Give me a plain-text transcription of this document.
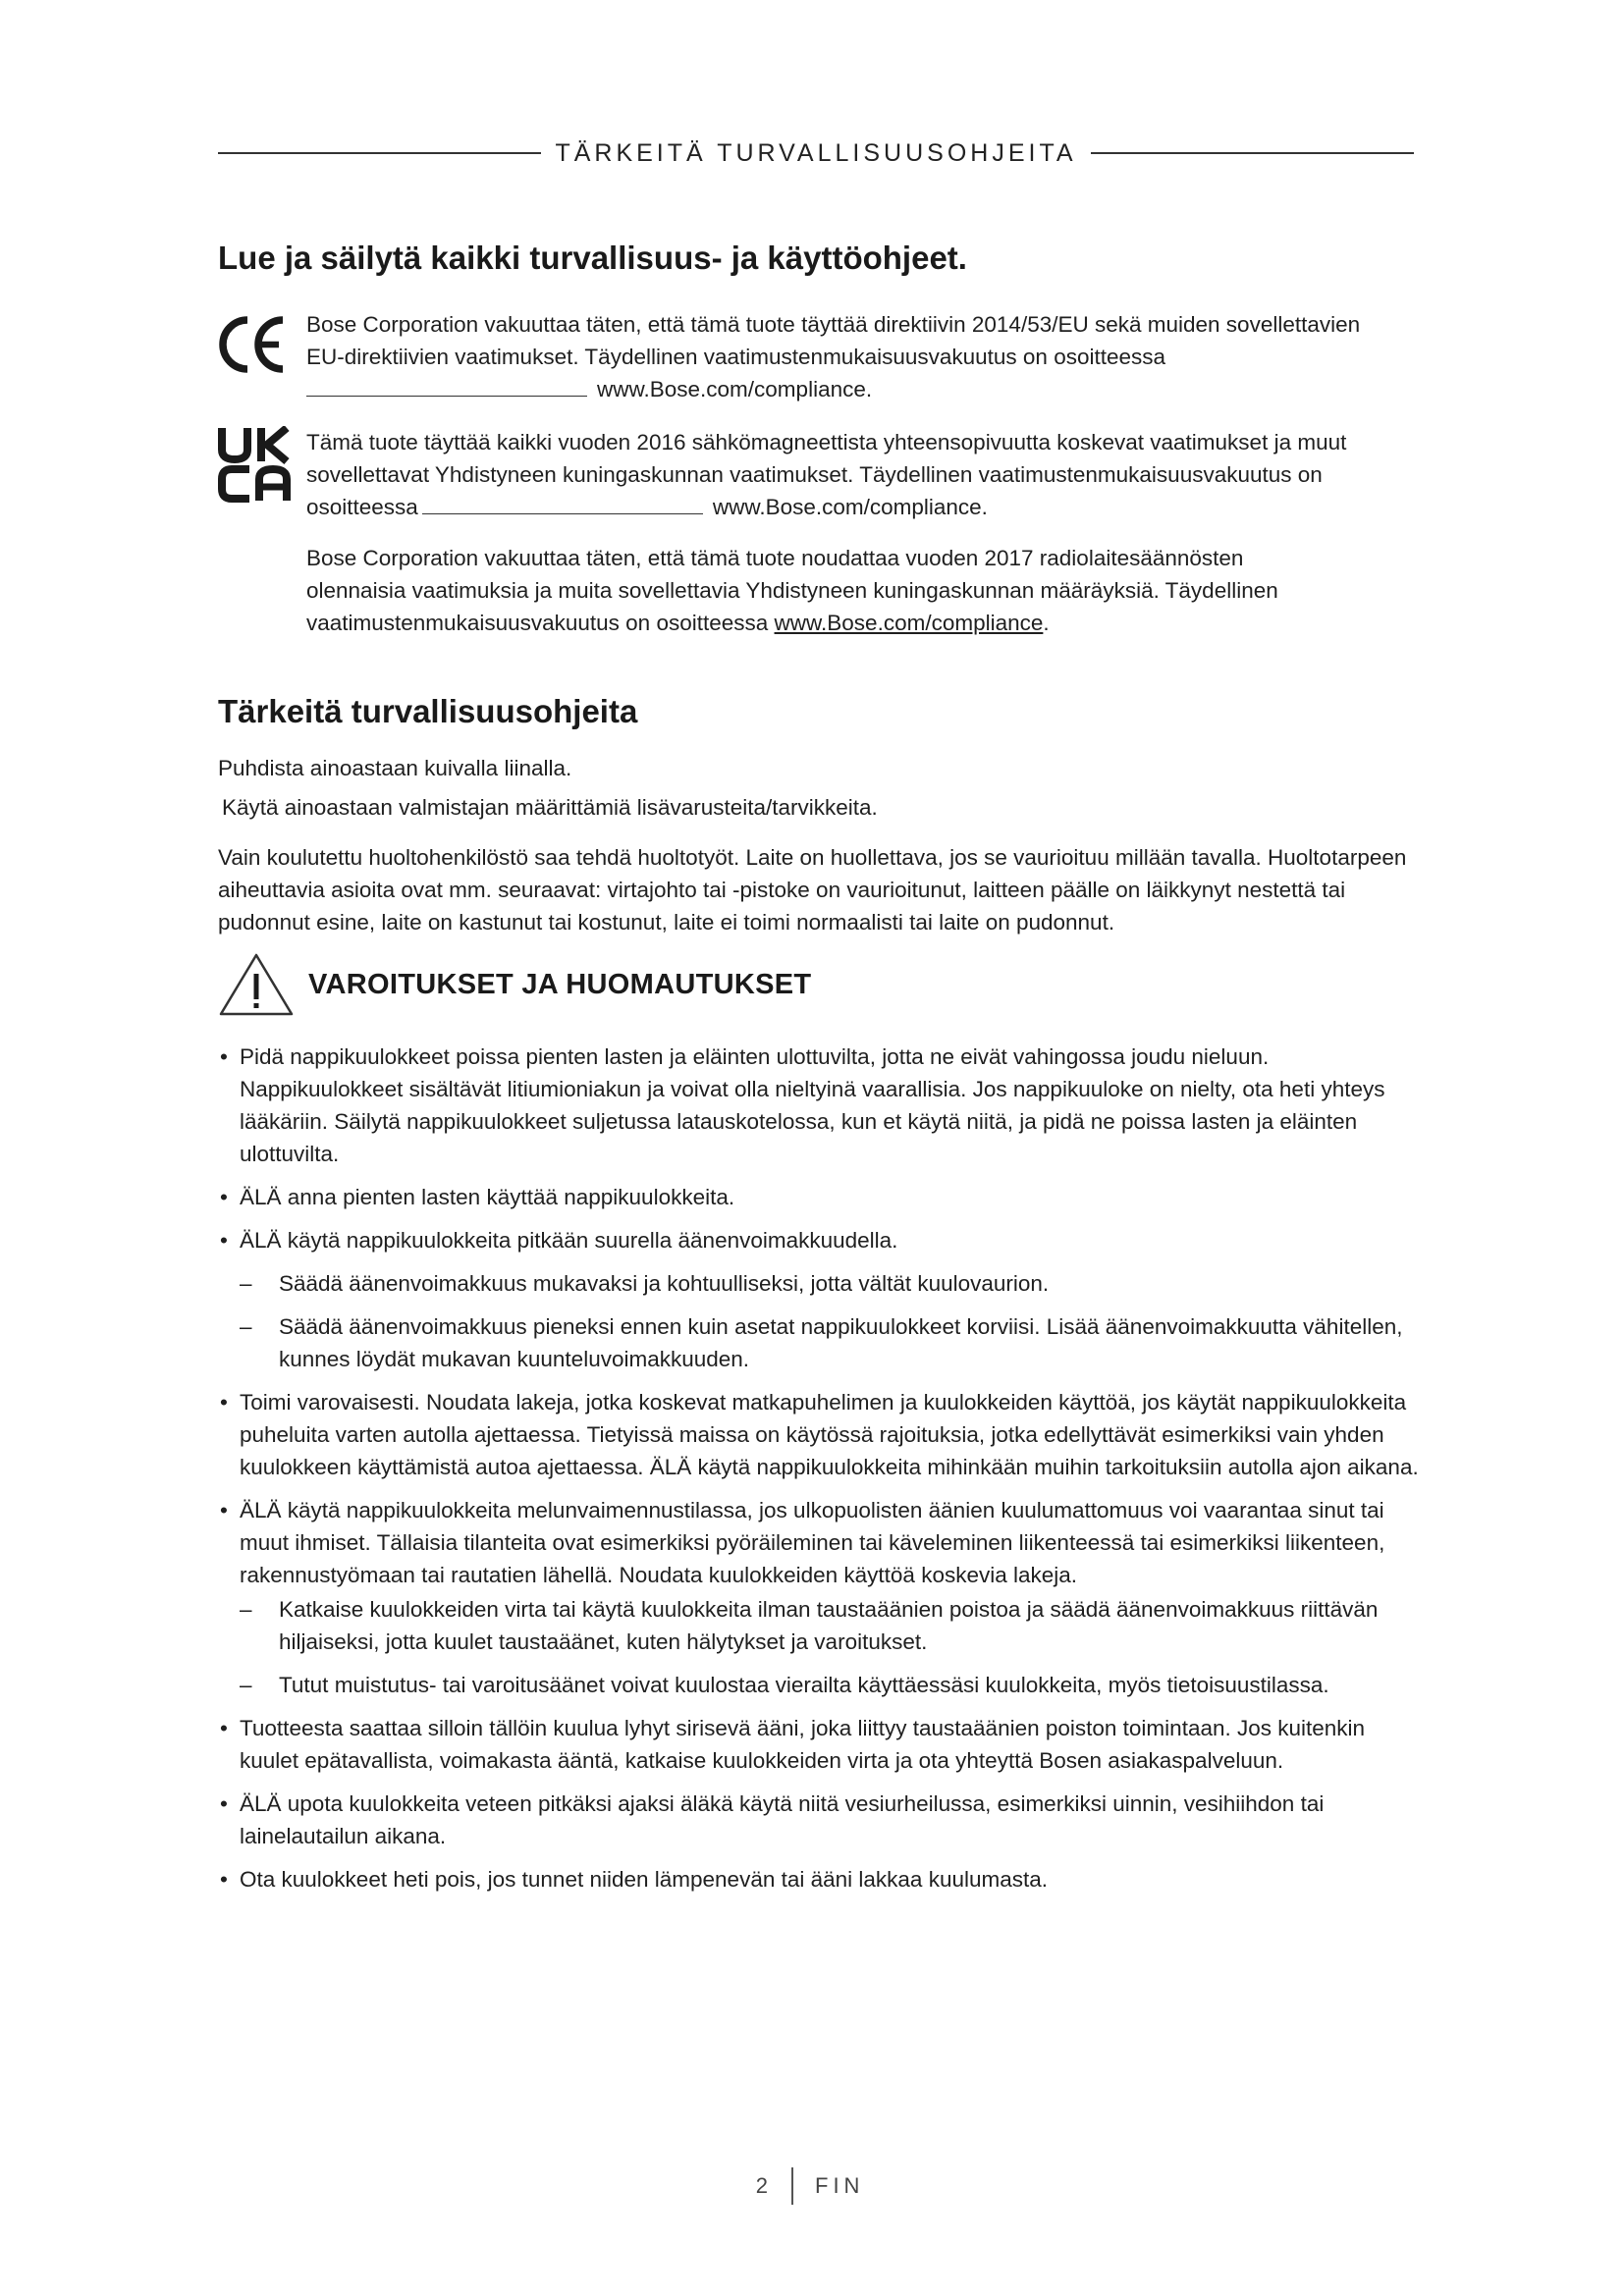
TÄRKEITÄ TURVALLISUUSOHJEITA
Lue ja säilytä kaikki turvallisuus- ja käyttöohjeet.
Bose Corporation vakuuttaa täten, että tämä tuote täyttää direktiivin 2014/53/EU sekä muiden sovellettavien
EU-direktiivien vaatimukset. Täydellinen vaatimustenmukaisuusvakuutus on osoitteessa
www.Bose.com/compliance.
Tämä tuote täyttää kaikki vuoden 2016 sähkömagneettista yhteensopivuutta koskevat vaatimukset ja muut
sovellettavat Yhdistyneen kuningaskunnan vaatimukset. Täydellinen vaatimustenmukaisuusvakuutus on
osoitteessa	www.Bose.com/compliance.
Bose Corporation vakuuttaa täten, että tämä tuote noudattaa vuoden 2017 radiolaitesäännösten
olennaisia vaatimuksia ja muita sovellettavia Yhdistyneen kuningaskunnan määräyksiä. Täydellinen
vaatimustenmukaisuusvakuutus on osoitteessa www.Bose.com/compliance.
Tärkeitä turvallisuusohjeita
Puhdista ainoastaan kuivalla liinalla.
Käytä ainoastaan valmistajan määrittämiä lisävarusteita/tarvikkeita.
Vain koulutettu huoltohenkilöstö saa tehdä huoltotyöt. Laite on huollettava, jos se vaurioituu millään tavalla. Huoltotarpeen aiheuttavia asioita ovat mm. seuraavat: virtajohto tai -pistoke on vaurioitunut, laitteen päälle on läikkynyt nestettä tai pudonnut esine, laite on kastunut tai kostunut, laite ei toimi normaalisti tai laite on pudonnut.
VAROITUKSET JA HUOMAUTUKSET
• Pidä nappikuulokkeet poissa pienten lasten ja eläinten ulottuvilta, jotta ne eivät vahingossa joudu nieluun. Nappikuulokkeet sisältävät litiumioniakun ja voivat olla nieltyinä vaarallisia. Jos nappikuuloke on nielty, ota heti yhteys lääkäriin. Säilytä nappikuulokkeet suljetussa latauskotelossa, kun et käytä niitä, ja pidä ne poissa lasten ja eläinten ulottuvilta.
• ÄLÄ anna pienten lasten käyttää nappikuulokkeita.
• ÄLÄ käytä nappikuulokkeita pitkään suurella äänenvoimakkuudella.
– Säädä äänenvoimakkuus mukavaksi ja kohtuulliseksi, jotta vältät kuulovaurion.
– Säädä äänenvoimakkuus pieneksi ennen kuin asetat nappikuulokkeet korviisi. Lisää äänenvoimakkuutta vähitellen, kunnes löydät mukavan kuunteluvoimakkuuden.
• Toimi varovaisesti. Noudata lakeja, jotka koskevat matkapuhelimen ja kuulokkeiden käyttöä, jos käytät nappikuulokkeita puheluita varten autolla ajettaessa. Tietyissä maissa on käytössä rajoituksia, jotka edellyttävät esimerkiksi vain yhden kuulokkeen käyttämistä autoa ajettaessa. ÄLÄ käytä nappikuulokkeita mihinkään muihin tarkoituksiin autolla ajon aikana.
• ÄLÄ käytä nappikuulokkeita melunvaimennustilassa, jos ulkopuolisten äänien kuulumattomuus voi vaarantaa sinut tai muut ihmiset. Tällaisia tilanteita ovat esimerkiksi pyöräileminen tai käveleminen liikenteessä tai esimerkiksi liikenteen, rakennustyömaan tai rautatien lähellä. Noudata kuulokkeiden käyttöä koskevia lakeja.
– Katkaise kuulokkeiden virta tai käytä kuulokkeita ilman taustaäänien poistoa ja säädä äänenvoimakkuus riittävän hiljaiseksi, jotta kuulet taustaäänet, kuten hälytykset ja varoitukset.
– Tutut muistutus- tai varoitusäänet voivat kuulostaa vierailta käyttäessäsi kuulokkeita, myös tietoisuustilassa.
• Tuotteesta saattaa silloin tällöin kuulua lyhyt sirisevä ääni, joka liittyy taustaäänien poiston toimintaan. Jos kuitenkin kuulet epätavallista, voimakasta ääntä, katkaise kuulokkeiden virta ja ota yhteyttä Bosen asiakaspalveluun.
• ÄLÄ upota kuulokkeita veteen pitkäksi ajaksi äläkä käytä niitä vesiurheilussa, esimerkiksi uinnin, vesihiihdon tai lainelautailun aikana.
• Ota kuulokkeet heti pois, jos tunnet niiden lämpenevän tai ääni lakkaa kuulumasta.
2 FIN
